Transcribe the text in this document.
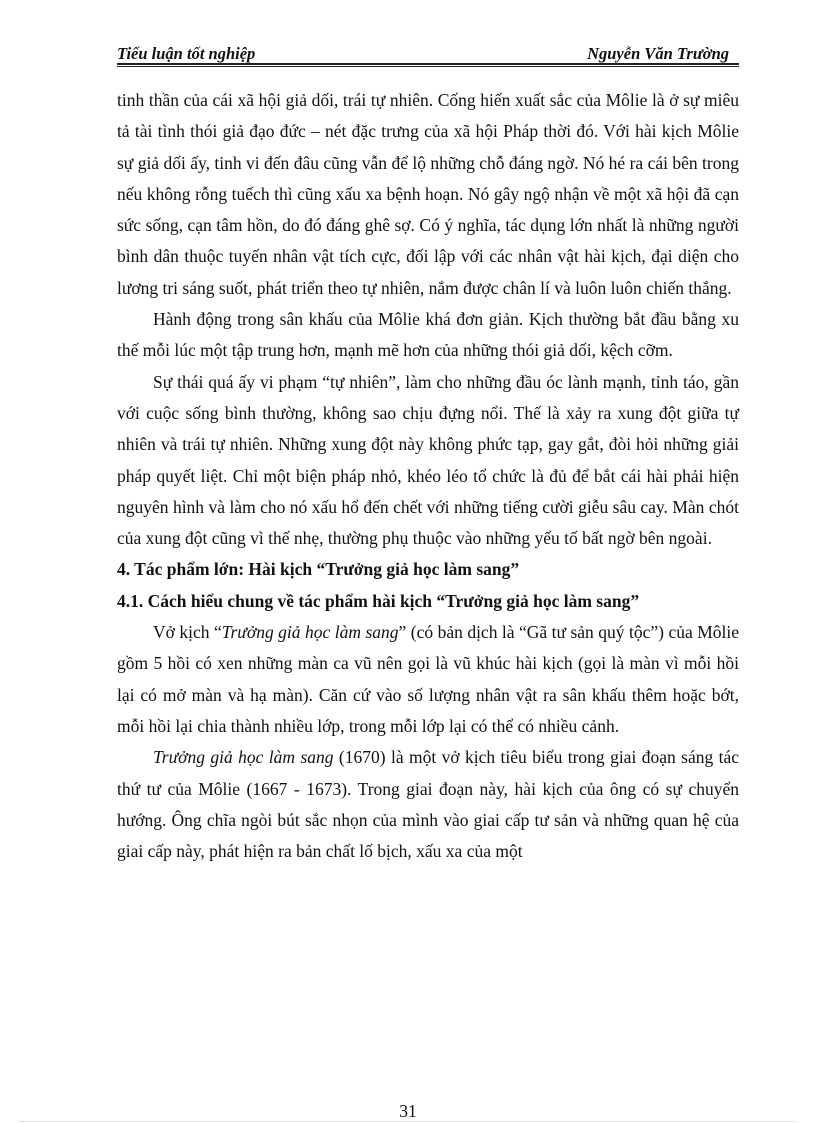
Tiểu luận tốt nghiệp	Nguyễn Văn Trường

tinh thần của cái xã hội giả dối, trái tự nhiên. Cống hiến xuất sắc của Môlie là ở sự miêu tả tài tình thói giả đạo đức – nét đặc trưng của xã hội Pháp thời đó. Với hài kịch Môlie sự giả dối ấy, tinh vi đến đâu cũng vẫn để lộ những chỗ đáng ngờ. Nó hé ra cái bên trong nếu không rỗng tuếch thì cũng xấu xa bệnh hoạn. Nó gây ngộ nhận về một xã hội đã cạn sức sống, cạn tâm hồn, do đó đáng ghê sợ. Có ý nghĩa, tác dụng lớn nhất là những người bình dân thuộc tuyến nhân vật tích cực, đối lập với các nhân vật hài kịch, đại diện cho lương tri sáng suốt, phát triển theo tự nhiên, nắm được chân lí và luôn luôn chiến thắng.

Hành động trong sân khấu của Môlie khá đơn giản. Kịch thường bắt đầu bằng xu thế mỗi lúc một tập trung hơn, mạnh mẽ hơn của những thói giả dối, kệch cỡm.

Sự thái quá ấy vi phạm “tự nhiên”, làm cho những đầu óc lành mạnh, tỉnh táo, gần với cuộc sống bình thường, không sao chịu đựng nổi. Thế là xảy ra xung đột giữa tự nhiên và trái tự nhiên. Những xung đột này không phức tạp, gay gắt, đòi hỏi những giải pháp quyết liệt. Chỉ một biện pháp nhỏ, khéo léo tổ chức là đủ để bắt cái hài phải hiện nguyên hình và làm cho nó xấu hổ đến chết với những tiếng cười giễu sâu cay. Màn chót của xung đột cũng vì thế nhẹ, thường phụ thuộc vào những yếu tố bất ngờ bên ngoài.

4. Tác phẩm lớn: Hài kịch “Trưởng giả học làm sang”

4.1. Cách hiểu chung về tác phẩm hài kịch “Trưởng giả học làm sang”

Vở kịch “Trưởng giả học làm sang” (có bản dịch là “Gã tư sản quý tộc”) của Môlie gồm 5 hồi có xen những màn ca vũ nên gọi là vũ khúc hài kịch (gọi là màn vì mỗi hồi lại có mở màn và hạ màn). Căn cứ vào số lượng nhân vật ra sân khấu thêm hoặc bớt, mỗi hồi lại chia thành nhiều lớp, trong mỗi lớp lại có thể có nhiều cảnh.

Trưởng giả học làm sang (1670) là một vở kịch tiêu biểu trong giai đoạn sáng tác thứ tư của Môlie (1667 - 1673). Trong giai đoạn này, hài kịch của ông có sự chuyển hướng. Ông chĩa ngòi bút sắc nhọn của mình vào giai cấp tư sản và những quan hệ của giai cấp này, phát hiện ra bản chất lố bịch, xấu xa của một

31
